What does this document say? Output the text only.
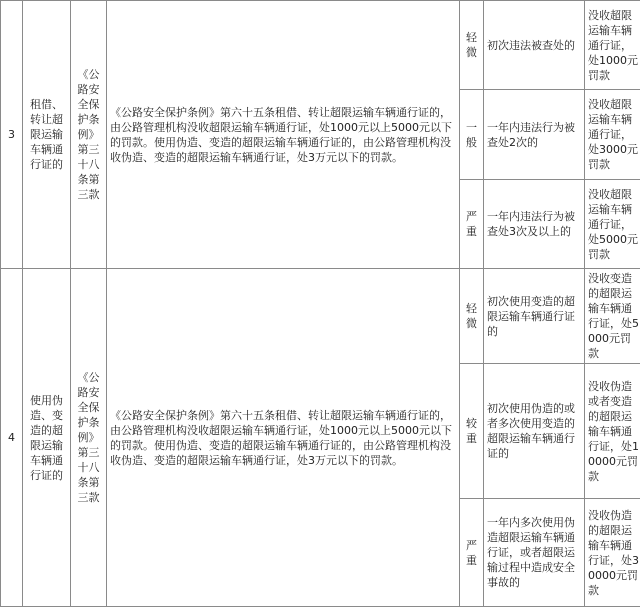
3	租借、转让超限运输车辆通行证的	《公路安全保护条例》第三十八条第三款	《公路安全保护条例》第六十五条租借、转让超限运输车辆通行证的，由公路管理机构没收超限运输车辆通行证，处1000元以上5000元以下的罚款。使用伪造、变造的超限运输车辆通行证的，由公路管理机构没收伪造、变造的超限运输车辆通行证，处3万元以下的罚款。	轻微	初次违法被查处的	没收超限运输车辆通行证，处1000元罚款
				一般	一年内违法行为被查处2次的	没收超限运输车辆通行证，处3000元罚款
				严重	一年内违法行为被查处3次及以上的	没收超限运输车辆通行证，处5000元罚款
4	使用伪造、变造的超限运输车辆通行证的	《公路安全保护条例》第三十八条第三款	《公路安全保护条例》第六十五条租借、转让超限运输车辆通行证的，由公路管理机构没收超限运输车辆通行证，处1000元以上5000元以下的罚款。使用伪造、变造的超限运输车辆通行证的，由公路管理机构没收伪造、变造的超限运输车辆通行证，处3万元以下的罚款。	轻微	初次使用变造的超限运输车辆通行证的	没收变造的超限运输车辆通行证，处5000元罚款
				较重	初次使用伪造的或者多次使用变造的超限运输车辆通行证的	没收伪造或者变造的超限运输车辆通行证，处10000元罚款
				严重	一年内多次使用伪造超限运输车辆通行证，或者超限运输过程中造成安全事故的	没收伪造的超限运输车辆通行证，处30000元罚款
